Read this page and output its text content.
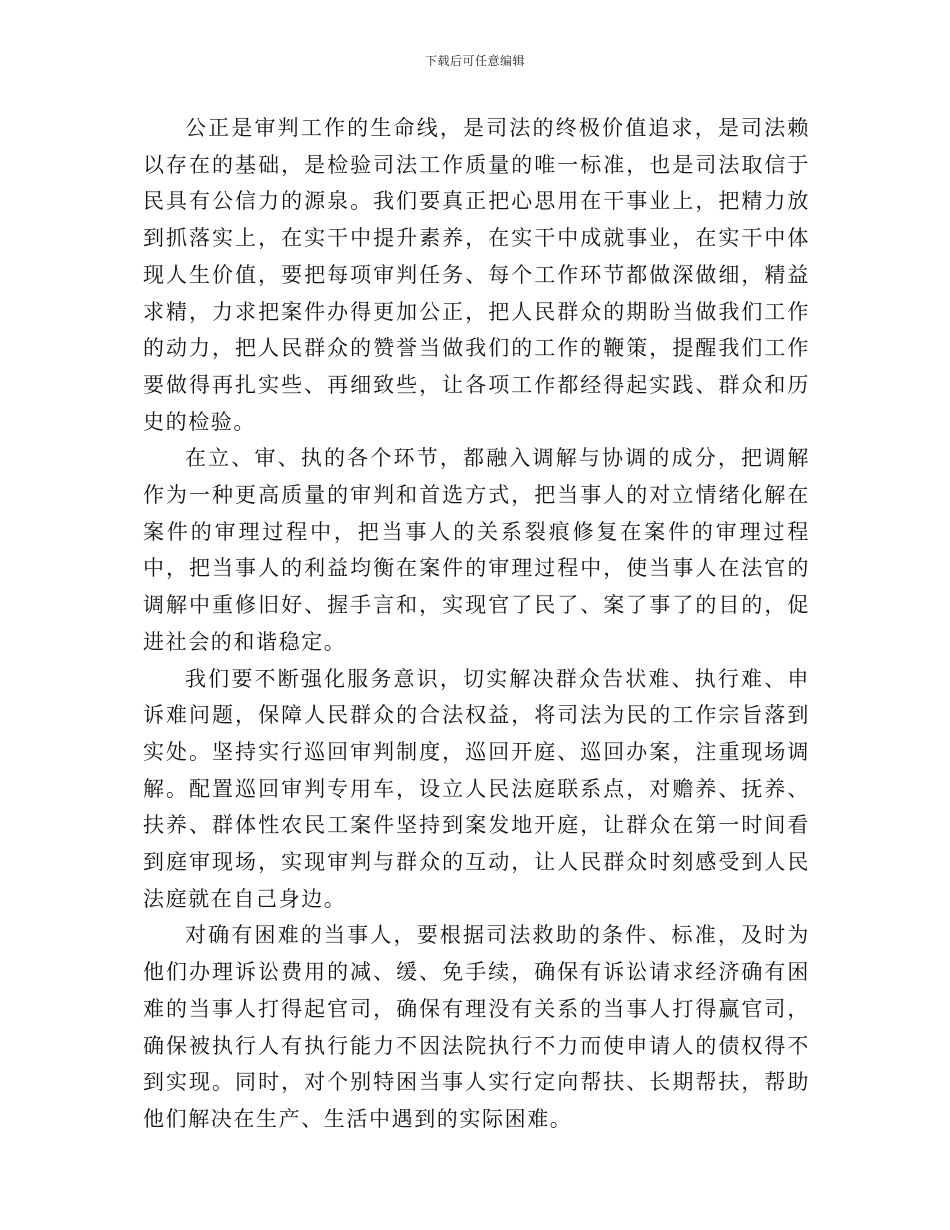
下载后可任意编辑

公正是审判工作的生命线，是司法的终极价值追求，是司法赖以存在的基础，是检验司法工作质量的唯一标准，也是司法取信于民具有公信力的源泉。我们要真正把心思用在干事业上，把精力放到抓落实上，在实干中提升素养，在实干中成就事业，在实干中体现人生价值，要把每项审判任务、每个工作环节都做深做细，精益求精，力求把案件办得更加公正，把人民群众的期盼当做我们工作的动力，把人民群众的赞誉当做我们的工作的鞭策，提醒我们工作要做得再扎实些、再细致些，让各项工作都经得起实践、群众和历史的检验。

在立、审、执的各个环节，都融入调解与协调的成分，把调解作为一种更高质量的审判和首选方式，把当事人的对立情绪化解在案件的审理过程中，把当事人的关系裂痕修复在案件的审理过程中，把当事人的利益均衡在案件的审理过程中，使当事人在法官的调解中重修旧好、握手言和，实现官了民了、案了事了的目的，促进社会的和谐稳定。

我们要不断强化服务意识，切实解决群众告状难、执行难、申诉难问题，保障人民群众的合法权益，将司法为民的工作宗旨落到实处。坚持实行巡回审判制度，巡回开庭、巡回办案，注重现场调解。配置巡回审判专用车，设立人民法庭联系点，对赡养、抚养、扶养、群体性农民工案件坚持到案发地开庭，让群众在第一时间看到庭审现场，实现审判与群众的互动，让人民群众时刻感受到人民法庭就在自己身边。

对确有困难的当事人，要根据司法救助的条件、标准，及时为他们办理诉讼费用的减、缓、免手续，确保有诉讼请求经济确有困难的当事人打得起官司，确保有理没有关系的当事人打得赢官司，确保被执行人有执行能力不因法院执行不力而使申请人的债权得不到实现。同时，对个别特困当事人实行定向帮扶、长期帮扶，帮助他们解决在生产、生活中遇到的实际困难。
